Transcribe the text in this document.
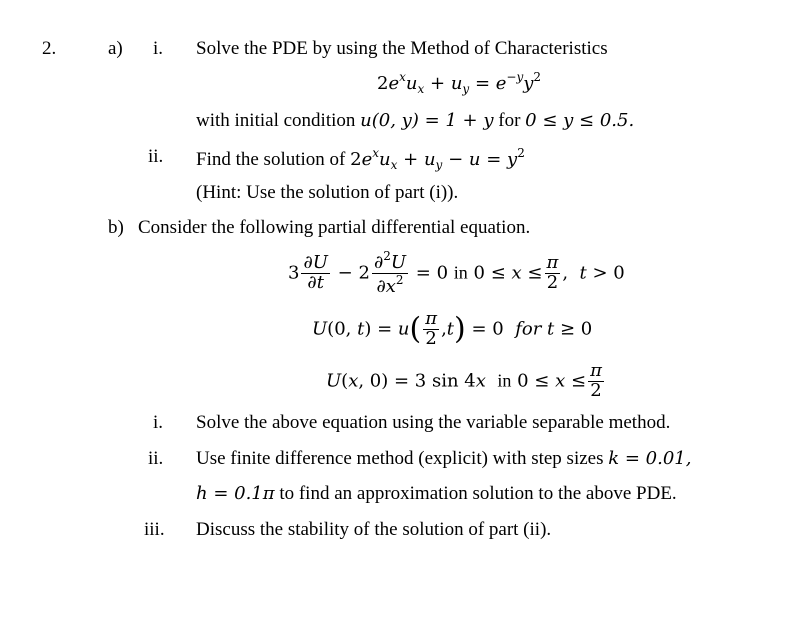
2.	a) i. Solve the PDE by using the Method of Characteristics
$2e^xu_x + u_y = e^{-y}y^2$
with initial condition u(0, y) = 1 + y for 0 ≤ y ≤ 0.5.
ii. Find the solution of $2e^xu_x + u_y - u = y^2$
(Hint: Use the solution of part (i)).
b) Consider the following partial differential equation.
$3 \frac{\partial U}{\partial t} - 2 \frac{\partial^2U}{\partial x^2} = 0$ in $0 \le x \le \frac{\pi}{2}$ ,  t > 0
U(0, $t) = u( \frac{\pi}{2} ,t) = 0$ for t ≥ 0
U(x, 0) = 3 sin 4x  in $0 \le x \le \frac{\pi}{2}$
i. Solve the above equation using the variable separable method.
ii. Use finite difference method (explicit) with step sizes k = 0.01,
h = 0.1π to find an approximation solution to the above PDE.
iii. Discuss the stability of the solution of part (ii).
